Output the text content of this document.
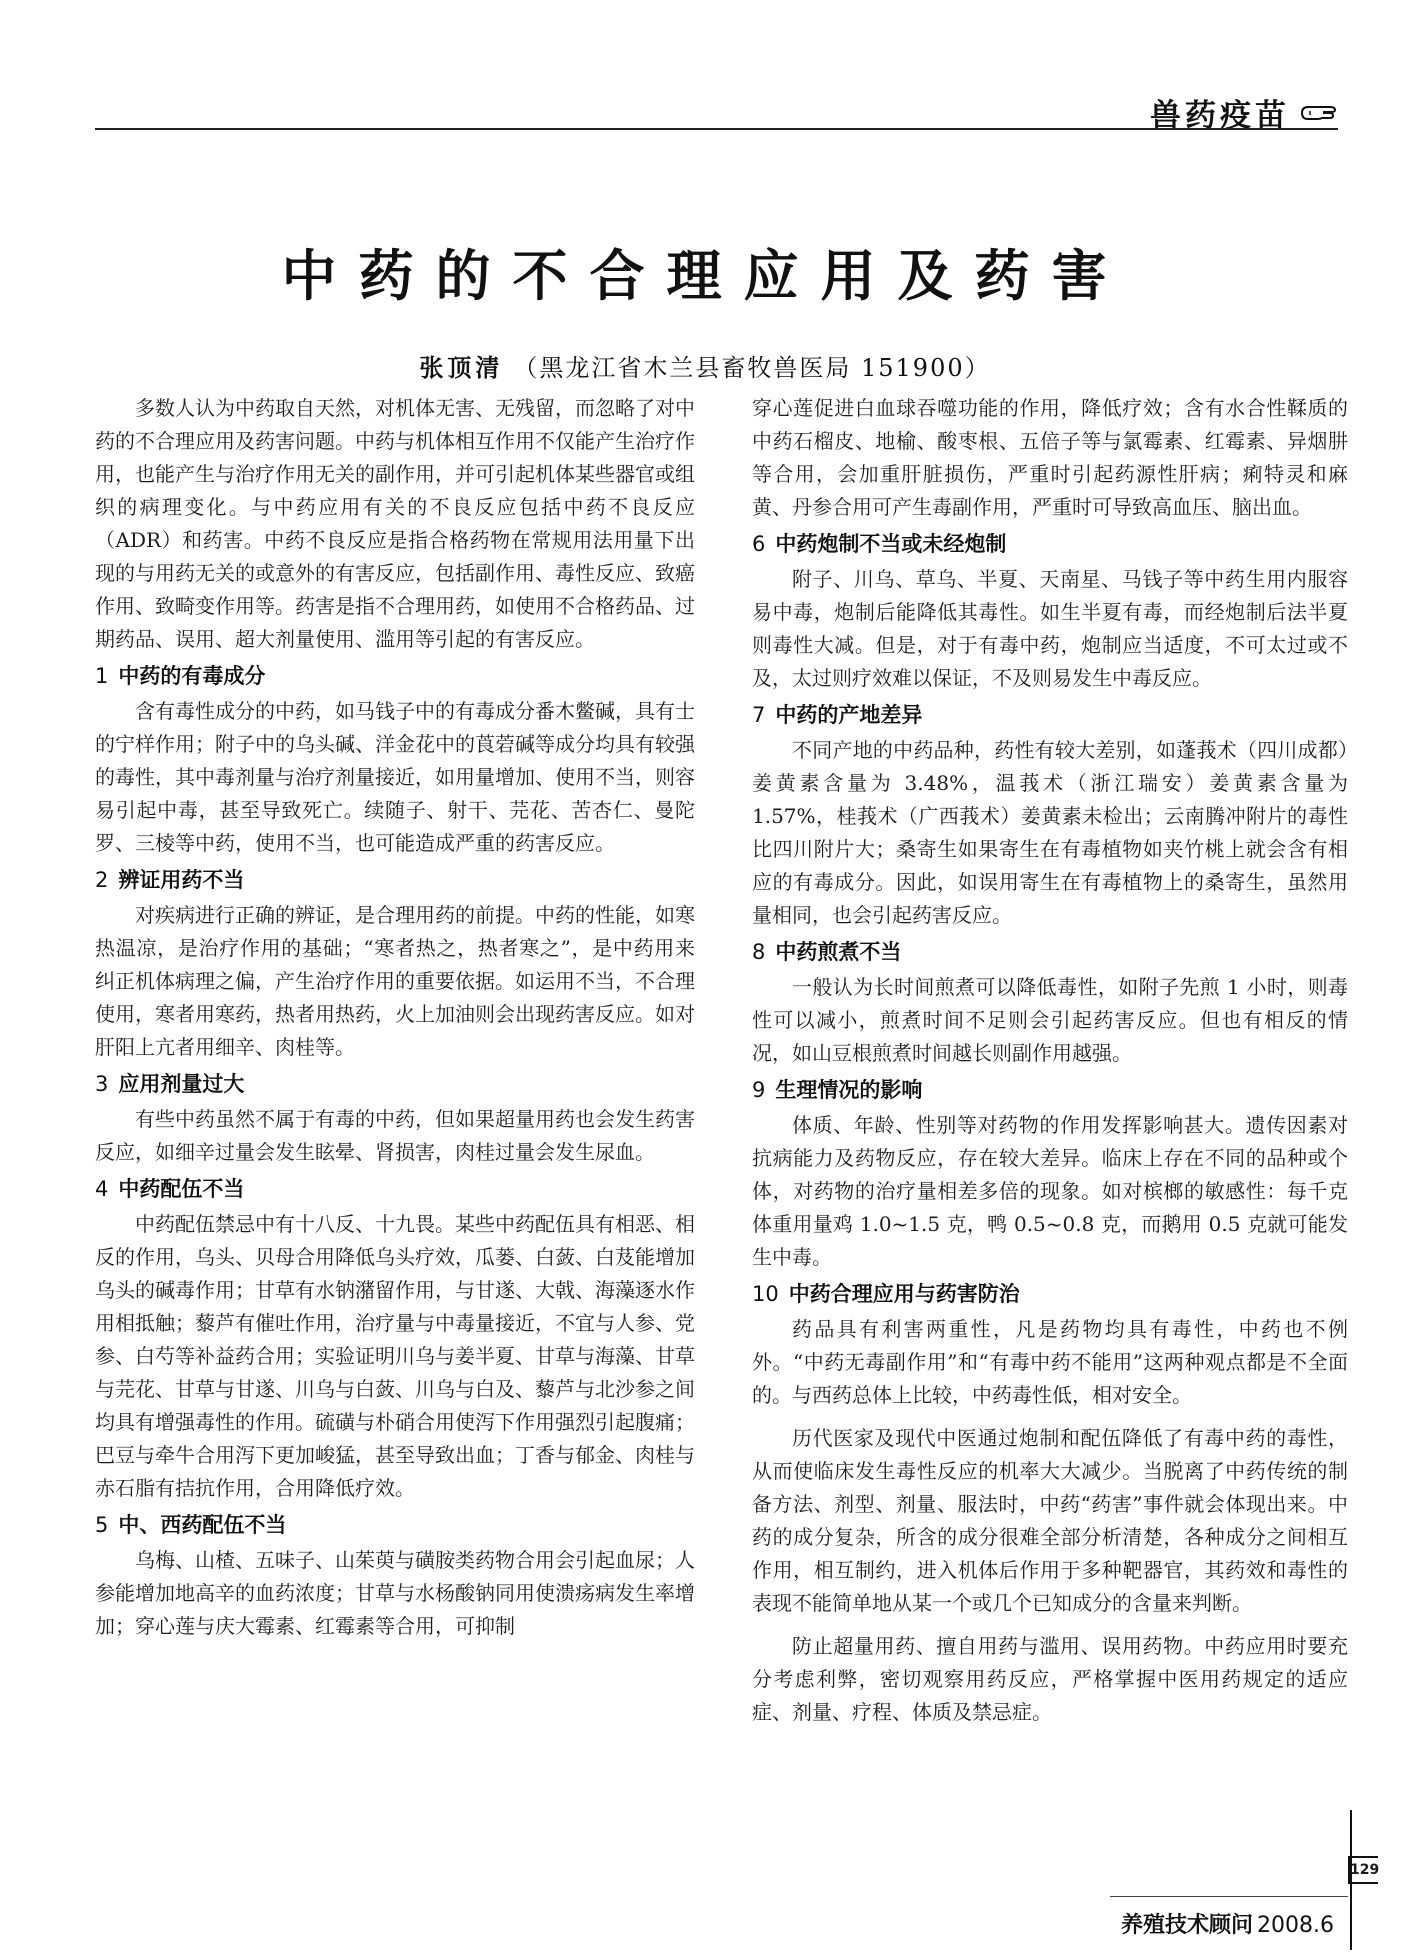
兽药疫苗
中药的不合理应用及药害
张顶清 （黑龙江省木兰县畜牧兽医局 151900）

多数人认为中药取自天然，对机体无害、无残留，而忽略了对中药的不合理应用及药害问题。中药与机体相互作用不仅能产生治疗作用，也能产生与治疗作用无关的副作用，并可引起机体某些器官或组织的病理变化。与中药应用有关的不良反应包括中药不良反应（ADR）和药害。中药不良反应是指合格药物在常规用法用量下出现的与用药无关的或意外的有害反应，包括副作用、毒性反应、致癌作用、致畸变作用等。药害是指不合理用药，如使用不合格药品、过期药品、误用、超大剂量使用、滥用等引起的有害反应。

1 中药的有毒成分

含有毒性成分的中药，如马钱子中的有毒成分番木鳖碱，具有士的宁样作用；附子中的乌头碱、洋金花中的莨菪碱等成分均具有较强的毒性，其中毒剂量与治疗剂量接近，如用量增加、使用不当，则容易引起中毒，甚至导致死亡。续随子、射干、芫花、苦杏仁、曼陀罗、三棱等中药，使用不当，也可能造成严重的药害反应。

2 辨证用药不当

对疾病进行正确的辨证，是合理用药的前提。中药的性能，如寒热温凉，是治疗作用的基础；“寒者热之，热者寒之”，是中药用来纠正机体病理之偏，产生治疗作用的重要依据。如运用不当，不合理使用，寒者用寒药，热者用热药，火上加油则会出现药害反应。如对肝阳上亢者用细辛、肉桂等。

3 应用剂量过大

有些中药虽然不属于有毒的中药，但如果超量用药也会发生药害反应，如细辛过量会发生眩晕、肾损害，肉桂过量会发生尿血。

4 中药配伍不当

中药配伍禁忌中有十八反、十九畏。某些中药配伍具有相恶、相反的作用，乌头、贝母合用降低乌头疗效，瓜蒌、白蔹、白芨能增加乌头的碱毒作用；甘草有水钠潴留作用，与甘遂、大戟、海藻逐水作用相抵触；藜芦有催吐作用，治疗量与中毒量接近，不宜与人参、党参、白芍等补益药合用；实验证明川乌与姜半夏、甘草与海藻、甘草与芫花、甘草与甘遂、川乌与白蔹、川乌与白及、藜芦与北沙参之间均具有增强毒性的作用。硫磺与朴硝合用使泻下作用强烈引起腹痛；巴豆与牵牛合用泻下更加峻猛，甚至导致出血；丁香与郁金、肉桂与赤石脂有拮抗作用，合用降低疗效。

5 中、西药配伍不当

乌梅、山楂、五味子、山茱萸与磺胺类药物合用会引起血尿；人参能增加地高辛的血药浓度；甘草与水杨酸钠同用使溃疡病发生率增加；穿心莲与庆大霉素、红霉素等合用，可抑制

穿心莲促进白血球吞噬功能的作用，降低疗效；含有水合性鞣质的中药石榴皮、地榆、酸枣根、五倍子等与氯霉素、红霉素、异烟肼等合用，会加重肝脏损伤，严重时引起药源性肝病；痢特灵和麻黄、丹参合用可产生毒副作用，严重时可导致高血压、脑出血。

6 中药炮制不当或未经炮制

附子、川乌、草乌、半夏、天南星、马钱子等中药生用内服容易中毒，炮制后能降低其毒性。如生半夏有毒，而经炮制后法半夏则毒性大减。但是，对于有毒中药，炮制应当适度，不可太过或不及，太过则疗效难以保证，不及则易发生中毒反应。

7 中药的产地差异

不同产地的中药品种，药性有较大差别，如蓬莪术（四川成都）姜黄素含量为 3.48%，温莪术（浙江瑞安）姜黄素含量为 1.57%，桂莪术（广西莪术）姜黄素未检出；云南腾冲附片的毒性比四川附片大；桑寄生如果寄生在有毒植物如夹竹桃上就会含有相应的有毒成分。因此，如误用寄生在有毒植物上的桑寄生，虽然用量相同，也会引起药害反应。

8 中药煎煮不当

一般认为长时间煎煮可以降低毒性，如附子先煎 1 小时，则毒性可以减小，煎煮时间不足则会引起药害反应。但也有相反的情况，如山豆根煎煮时间越长则副作用越强。

9 生理情况的影响

体质、年龄、性别等对药物的作用发挥影响甚大。遗传因素对抗病能力及药物反应，存在较大差异。临床上存在不同的品种或个体，对药物的治疗量相差多倍的现象。如对槟榔的敏感性：每千克体重用量鸡 1.0~1.5 克，鸭 0.5~0.8 克，而鹅用 0.5 克就可能发生中毒。

10 中药合理应用与药害防治

药品具有利害两重性，凡是药物均具有毒性，中药也不例外。“中药无毒副作用”和“有毒中药不能用”这两种观点都是不全面的。与西药总体上比较，中药毒性低，相对安全。

历代医家及现代中医通过炮制和配伍降低了有毒中药的毒性，从而使临床发生毒性反应的机率大大减少。当脱离了中药传统的制备方法、剂型、剂量、服法时，中药“药害”事件就会体现出来。中药的成分复杂，所含的成分很难全部分析清楚，各种成分之间相互作用，相互制约，进入机体后作用于多种靶器官，其药效和毒性的表现不能简单地从某一个或几个已知成分的含量来判断。

防止超量用药、擅自用药与滥用、误用药物。中药应用时要充分考虑利弊，密切观察用药反应，严格掌握中医用药规定的适应症、剂量、疗程、体质及禁忌症。

129
养殖技术顾问 2008.6
